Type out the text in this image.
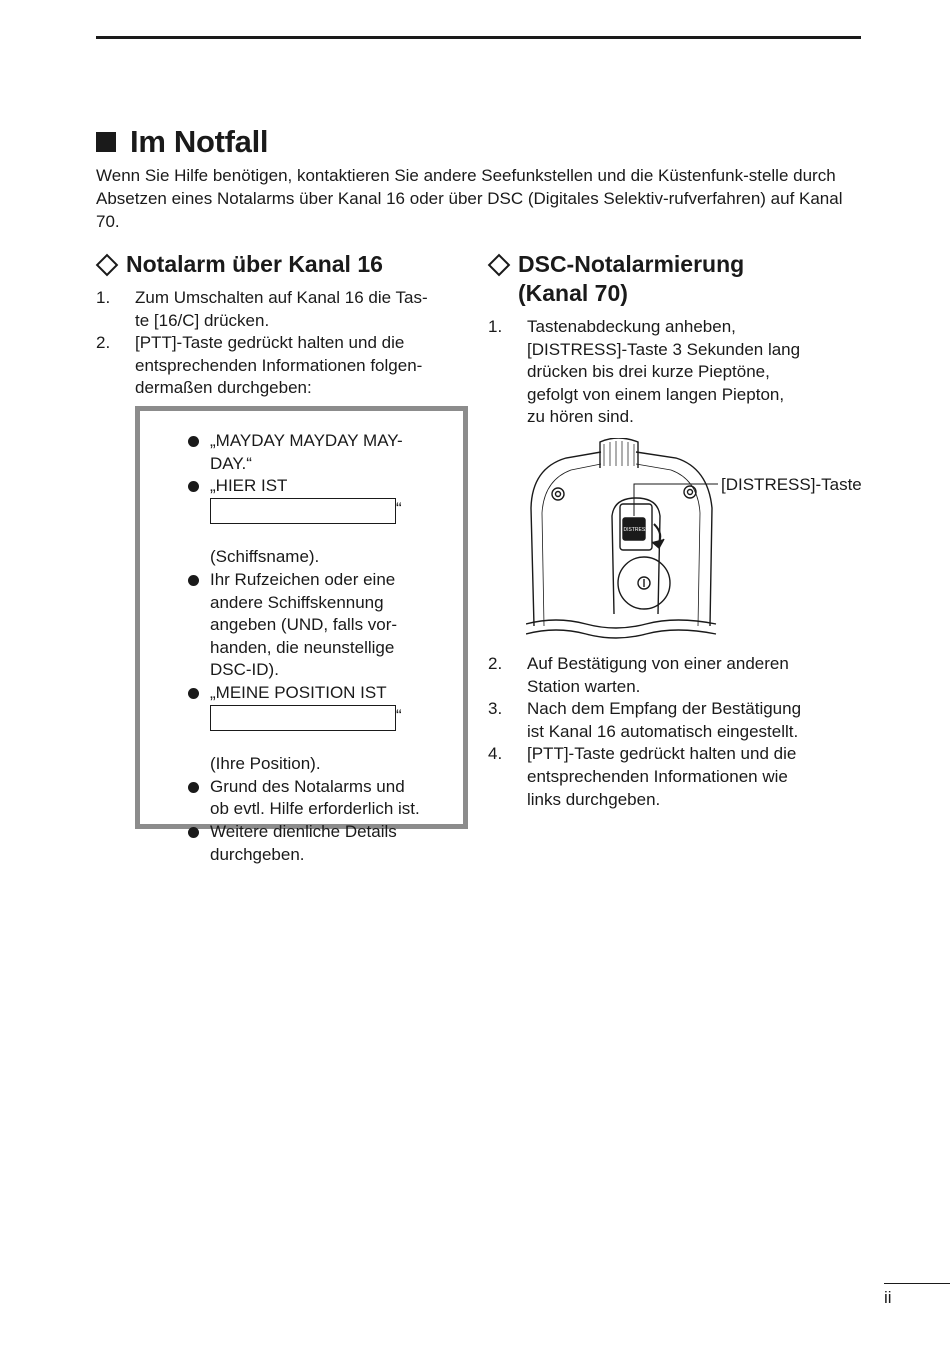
Im Notfall

Wenn Sie Hilfe benötigen, kontaktieren Sie andere Seefunkstellen und die Küstenfunk-stelle durch Absetzen eines Notalarms über Kanal 16 oder über DSC (Digitales Selektiv-rufverfahren) auf Kanal 70.

Notalarm über Kanal 16
1.	Zum Umschalten auf Kanal 16 die Tas-
te [16/C] drücken.
2.	[PTT]-Taste gedrückt halten und die
entsprechenden Informationen folgen-
dermaßen durchgeben:
„MAYDAY MAYDAY MAY-
DAY.“
„HIER IST

“

(Schiffsname).

Ihr Rufzeichen oder eine
andere Schiffskennung
angeben (UND, falls vor-
handen, die neunstellige
DSC-ID).
„MEINE POSITION IST

“

(Ihre Position).

Grund des Notalarms und
ob evtl. Hilfe erforderlich ist.
Weitere dienliche Details
durchgeben.
DSC-Notalarmierung
(Kanal 70)
1.	Tastenabdeckung anheben,
[DISTRESS]-Taste 3 Sekunden lang
drücken bis drei kurze Pieptöne,
gefolgt von einem langen Piepton,
zu hören sind.
DISTRESS
[DISTRESS]-Taste
2.	Auf Bestätigung von einer anderen
Station warten.
3.	Nach dem Empfang der Bestätigung
ist Kanal 16 automatisch eingestellt.
4.	[PTT]-Taste gedrückt halten und die
entsprechenden Informationen wie
links durchgeben.
ii
